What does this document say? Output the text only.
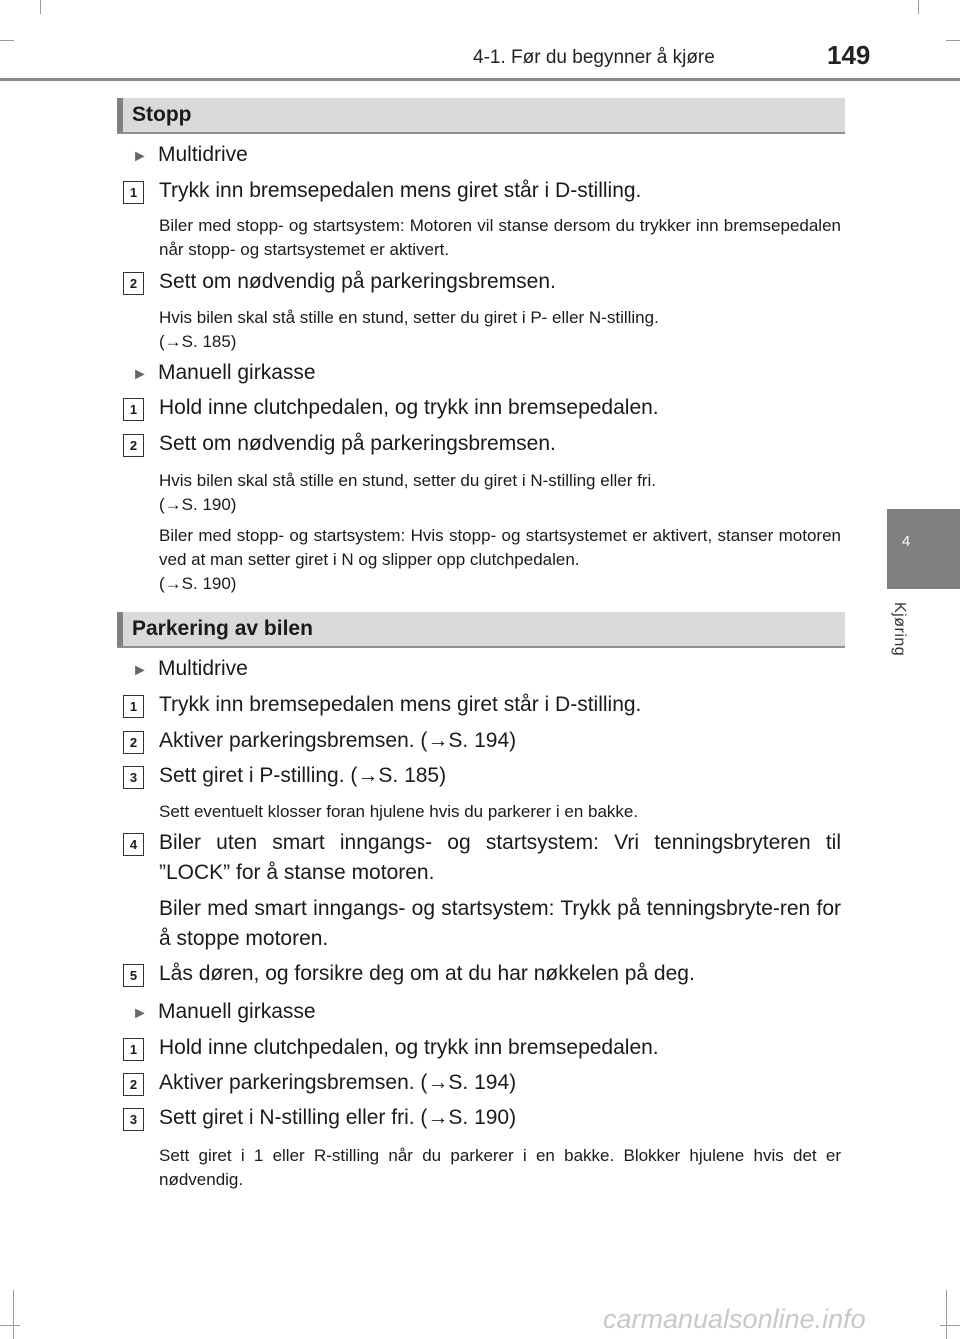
4-1. Før du begynner å kjøre	149
4
Kjøring
Stopp
► Multidrive
1	Trykk inn bremsepedalen mens giret står i D-stilling.
Biler med stopp- og startsystem: Motoren vil stanse dersom du trykker inn bremsepedalen når stopp- og startsystemet er aktivert.
2	Sett om nødvendig på parkeringsbremsen.
Hvis bilen skal stå stille en stund, setter du giret i P- eller N-stilling.
(→S. 185)
► Manuell girkasse
1	Hold inne clutchpedalen, og trykk inn bremsepedalen.
2	Sett om nødvendig på parkeringsbremsen.
Hvis bilen skal stå stille en stund, setter du giret i N-stilling eller fri.
(→S. 190)
Biler med stopp- og startsystem: Hvis stopp- og startsystemet er aktivert, stanser motoren ved at man setter giret i N og slipper opp clutchpedalen.
(→S. 190)
Parkering av bilen
► Multidrive
1	Trykk inn bremsepedalen mens giret står i D-stilling.
2	Aktiver parkeringsbremsen. (→S. 194)
3	Sett giret i P-stilling. (→S. 185)
Sett eventuelt klosser foran hjulene hvis du parkerer i en bakke.
4	Biler uten smart inngangs- og startsystem: Vri tenningsbryteren til ”LOCK” for å stanse motoren.
Biler med smart inngangs- og startsystem: Trykk på tenningsbryte-ren for å stoppe motoren.
5	Lås døren, og forsikre deg om at du har nøkkelen på deg.
► Manuell girkasse
1	Hold inne clutchpedalen, og trykk inn bremsepedalen.
2	Aktiver parkeringsbremsen. (→S. 194)
3	Sett giret i N-stilling eller fri. (→S. 190)
Sett giret i 1 eller R-stilling når du parkerer i en bakke. Blokker hjulene hvis det er nødvendig.
carmanualsonline.info
